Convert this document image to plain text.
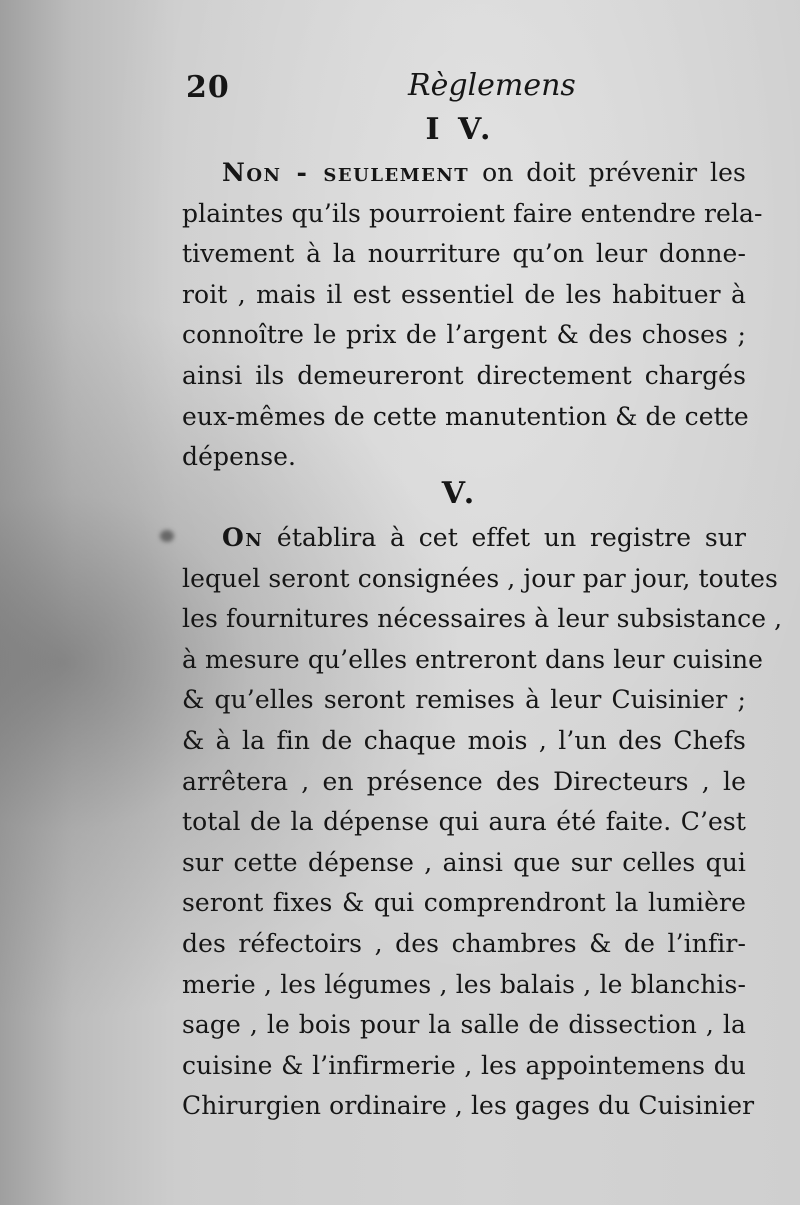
20	Règlemens
I V.
Non - seulement on doit prévenir les
plaintes qu’ils pourroient faire entendre rela-
tivement à la nourriture qu’on leur donne-
roit , mais il est essentiel de les habituer à
connoître le prix de l’argent & des choses ;
ainsi ils demeureront directement chargés
eux-mêmes de cette manutention & de cette
dépense.
V.
On établira à cet effet un registre sur
lequel seront consignées , jour par jour, toutes
les fournitures nécessaires à leur subsistance ,
à mesure qu’elles entreront dans leur cuisine
& qu’elles seront remises à leur Cuisinier ;
& à la fin de chaque mois , l’un des Chefs
arrêtera , en présence des Directeurs , le
total de la dépense qui aura été faite. C’est
sur cette dépense , ainsi que sur celles qui
seront fixes & qui comprendront la lumière
des réfectoirs , des chambres & de l’infir-
merie , les légumes , les balais , le blanchis-
sage , le bois pour la salle de dissection , la
cuisine & l’infirmerie , les appointemens du
Chirurgien ordinaire , les gages du Cuisinier
